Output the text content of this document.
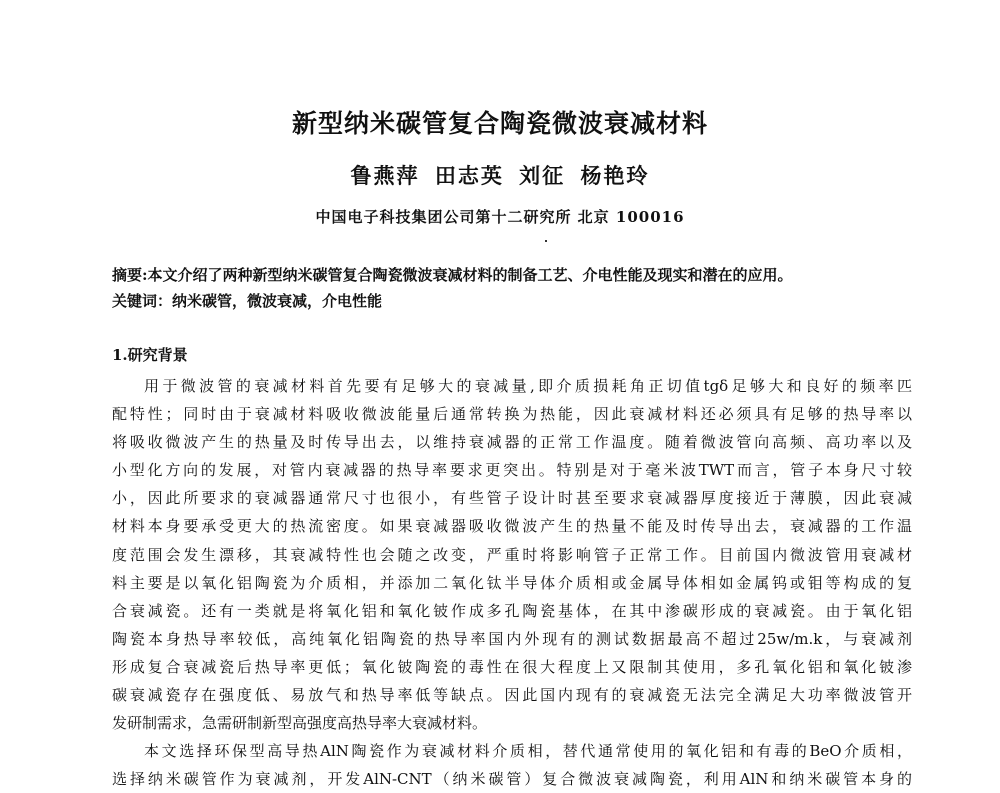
新型纳米碳管复合陶瓷微波衰减材料
鲁燕萍 田志英 刘征 杨艳玲
中国电子科技集团公司第十二研究所 北京 100016
摘要:本文介绍了两种新型纳米碳管复合陶瓷微波衰减材料的制备工艺、介电性能及现实和潜在的应用。
关键词：纳米碳管，微波衰减，介电性能
1.研究背景
用于微波管的衰减材料首先要有足够大的衰减量,即介质损耗角正切值tgδ足够大和良好的频率匹
配特性；同时由于衰减材料吸收微波能量后通常转换为热能，因此衰减材料还必须具有足够的热导率以
将吸收微波产生的热量及时传导出去，以维持衰减器的正常工作温度。随着微波管向高频、高功率以及
小型化方向的发展，对管内衰减器的热导率要求更突出。特别是对于毫米波TWT而言，管子本身尺寸较
小，因此所要求的衰减器通常尺寸也很小，有些管子设计时甚至要求衰减器厚度接近于薄膜，因此衰减
材料本身要承受更大的热流密度。如果衰减器吸收微波产生的热量不能及时传导出去，衰减器的工作温
度范围会发生漂移，其衰减特性也会随之改变，严重时将影响管子正常工作。目前国内微波管用衰减材
料主要是以氧化铝陶瓷为介质相，并添加二氧化钛半导体介质相或金属导体相如金属钨或钼等构成的复
合衰减瓷。还有一类就是将氧化铝和氧化铍作成多孔陶瓷基体，在其中渗碳形成的衰减瓷。由于氧化铝
陶瓷本身热导率较低，高纯氧化铝陶瓷的热导率国内外现有的测试数据最高不超过25w/m.k，与衰减剂
形成复合衰减瓷后热导率更低；氧化铍陶瓷的毒性在很大程度上又限制其使用，多孔氧化铝和氧化铍渗
碳衰减瓷存在强度低、易放气和热导率低等缺点。因此国内现有的衰减瓷无法完全满足大功率微波管开
发研制需求，急需研制新型高强度高热导率大衰减材料。
本文选择环保型高导热AlN陶瓷作为衰减材料介质相，替代通常使用的氧化铝和有毒的BeO介质相，
选择纳米碳管作为衰减剂，开发AlN-CNT（纳米碳管）复合微波衰减陶瓷，利用AlN和纳米碳管本身的
